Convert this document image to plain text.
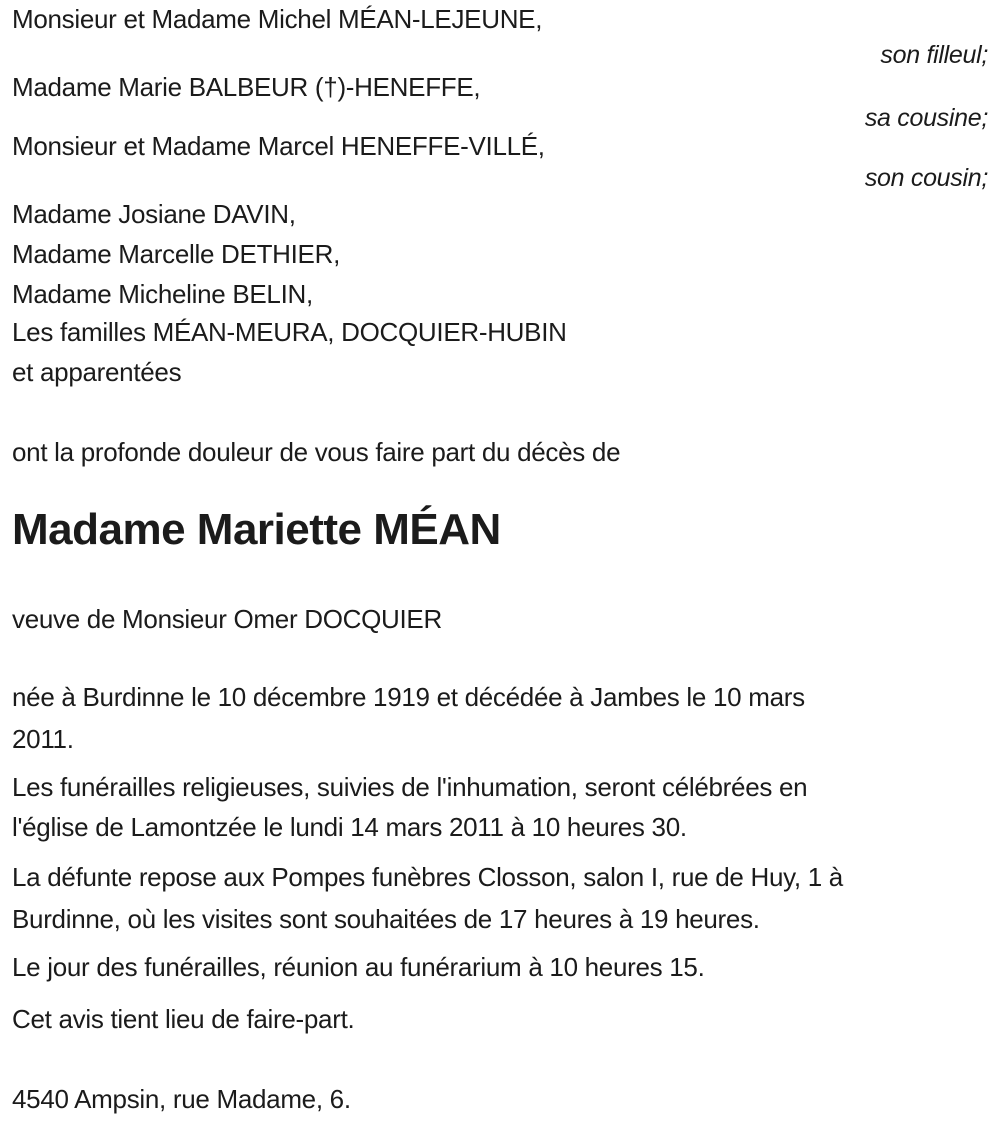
Monsieur et Madame Michel MÉAN-LEJEUNE,
son filleul;
Madame Marie BALBEUR (†)-HENEFFE,
sa cousine;
Monsieur et Madame Marcel HENEFFE-VILLÉ,
son cousin;
Madame Josiane DAVIN,
Madame Marcelle DETHIER,
Madame Micheline BELIN,
Les familles MÉAN-MEURA, DOCQUIER-HUBIN
et apparentées
ont la profonde douleur de vous faire part du décès de
Madame Mariette MÉAN
veuve de Monsieur Omer DOCQUIER
née à Burdinne le 10 décembre 1919 et décédée à Jambes le 10 mars
2011.
Les funérailles religieuses, suivies de l'inhumation, seront célébrées en
l'église de Lamontzée le lundi 14 mars 2011 à 10 heures 30.
La défunte repose aux Pompes funèbres Closson, salon I, rue de Huy, 1 à
Burdinne, où les visites sont souhaitées de 17 heures à 19 heures.
Le jour des funérailles, réunion au funérarium à 10 heures 15.
Cet avis tient lieu de faire-part.
4540 Ampsin, rue Madame, 6.
